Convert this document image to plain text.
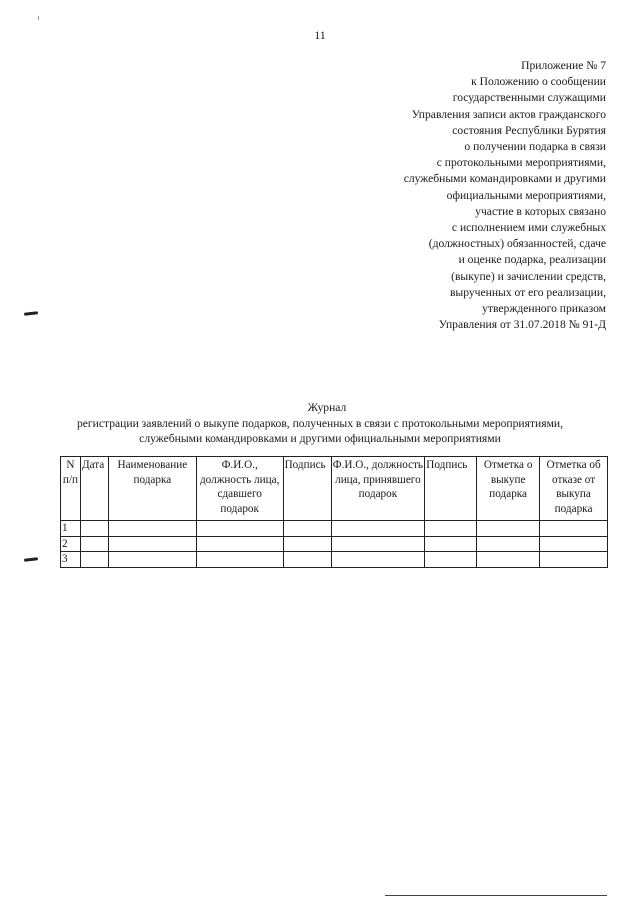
11
Приложение № 7
к Положению о сообщении
государственными служащими
Управления записи актов гражданского
состояния Республики Бурятия
о получении подарка в связи
с протокольными мероприятиями,
служебными командировками и другими
официальными мероприятиями,
участие в которых связано
с исполнением ими служебных
(должностных) обязанностей, сдаче
и оценке подарка, реализации
(выкупе) и зачислении средств,
вырученных от его реализации,
утвержденного приказом
Управления от 31.07.2018 № 91-Д
Журнал
регистрации заявлений о выкупе подарков, полученных в связи с протокольными мероприятиями,
служебными командировками и другими официальными мероприятиями
N п/п	Дата	Наименование подарка	Ф.И.О., должность лица, сдавшего подарок	Подпись	Ф.И.О., должность лица, принявшего подарок	Подпись	Отметка о выкупе подарка	Отметка об отказе от выкупа подарка
1								
2								
3								
